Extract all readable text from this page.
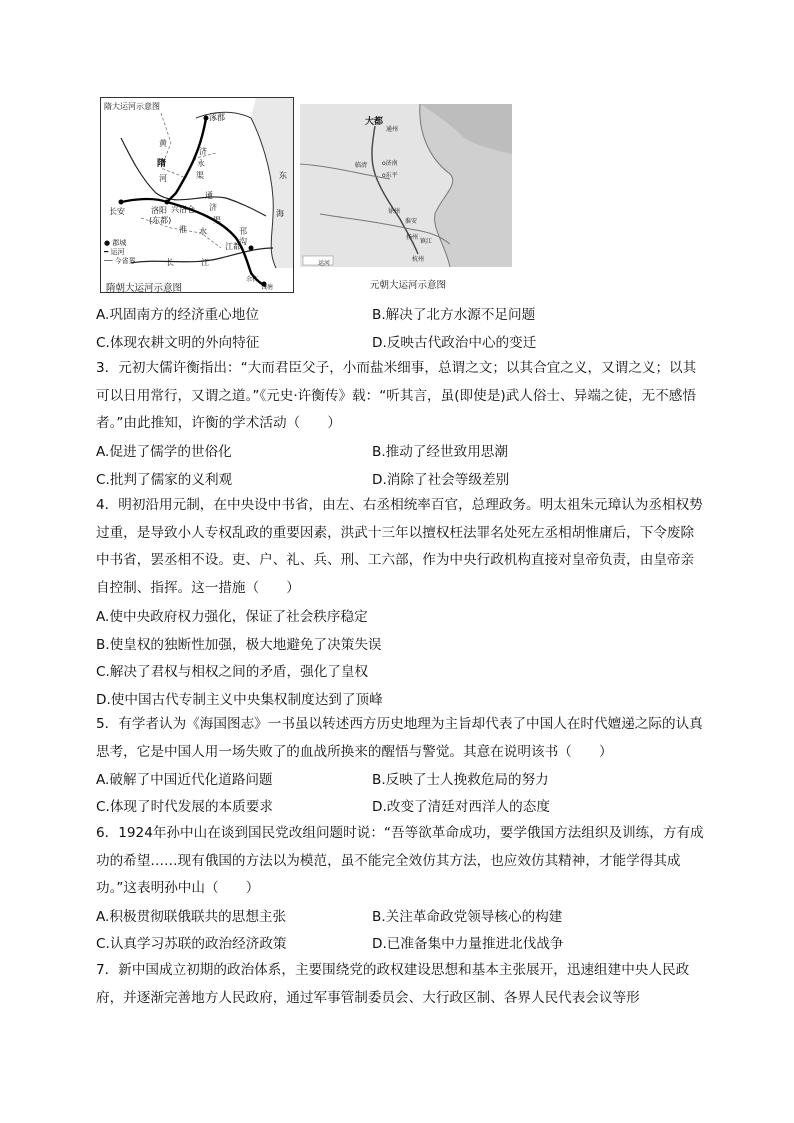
隋大运河示意图
涿郡
黄
河
隋
济
永
渠	东
海
长安	洛阳
(东都)
兴洛仓
通
济
渠
淮 水	邗
沟
江都
长	江
余杭
钱塘
● 郡城
━ 运河
── 今省界
隋朝大运河示意图
大都
通州
临清 o济南
o东平
徐州
淮安
扬州
镇江
杭州
运河
元朝大运河示意图
A.巩固南方的经济重心地位	B.解决了北方水源不足问题
C.体现农耕文明的外向特征	D.反映古代政治中心的变迁
3．元初大儒许衡指出：“大而君臣父子，小而盐米细事，总谓之文；以其合宜之义，又谓之义；以其可以日用常行，又谓之道。”《元史·许衡传》载：“听其言，虽(即使是)武人俗士、异端之徒，无不感悟者。”由此推知，许衡的学术活动（　　）
A.促进了儒学的世俗化	B.推动了经世致用思潮
C.批判了儒家的义利观	D.消除了社会等级差别
4．明初沿用元制，在中央设中书省，由左、右丞相统率百官，总理政务。明太祖朱元璋认为丞相权势过重，是导致小人专权乱政的重要因素，洪武十三年以擅权枉法罪名处死左丞相胡惟庸后，下令废除中书省，罢丞相不设。吏、户、礼、兵、刑、工六部，作为中央行政机构直接对皇帝负责，由皇帝亲自控制、指挥。这一措施（　　）
A.使中央政府权力强化，保证了社会秩序稳定
B.使皇权的独断性加强，极大地避免了决策失误
C.解决了君权与相权之间的矛盾，强化了皇权
D.使中国古代专制主义中央集权制度达到了顶峰
5．有学者认为《海国图志》一书虽以转述西方历史地理为主旨却代表了中国人在时代嬗递之际的认真思考，它是中国人用一场失败了的血战所换来的醒悟与警觉。其意在说明该书（　　）
A.破解了中国近代化道路问题	B.反映了士人挽救危局的努力
C.体现了时代发展的本质要求	D.改变了清廷对西洋人的态度
6．1924年孙中山在谈到国民党改组问题时说：“吾等欲革命成功，要学俄国方法组织及训练，方有成功的希望……现有俄国的方法以为模范，虽不能完全效仿其方法，也应效仿其精神，才能学得其成功。”这表明孙中山（　　）
A.积极贯彻联俄联共的思想主张	B.关注革命政党领导核心的构建
C.认真学习苏联的政治经济政策	D.已准备集中力量推进北伐战争
7．新中国成立初期的政治体系，主要围绕党的政权建设思想和基本主张展开，迅速组建中央人民政府，并逐渐完善地方人民政府，通过军事管制委员会、大行政区制、各界人民代表会议等形
